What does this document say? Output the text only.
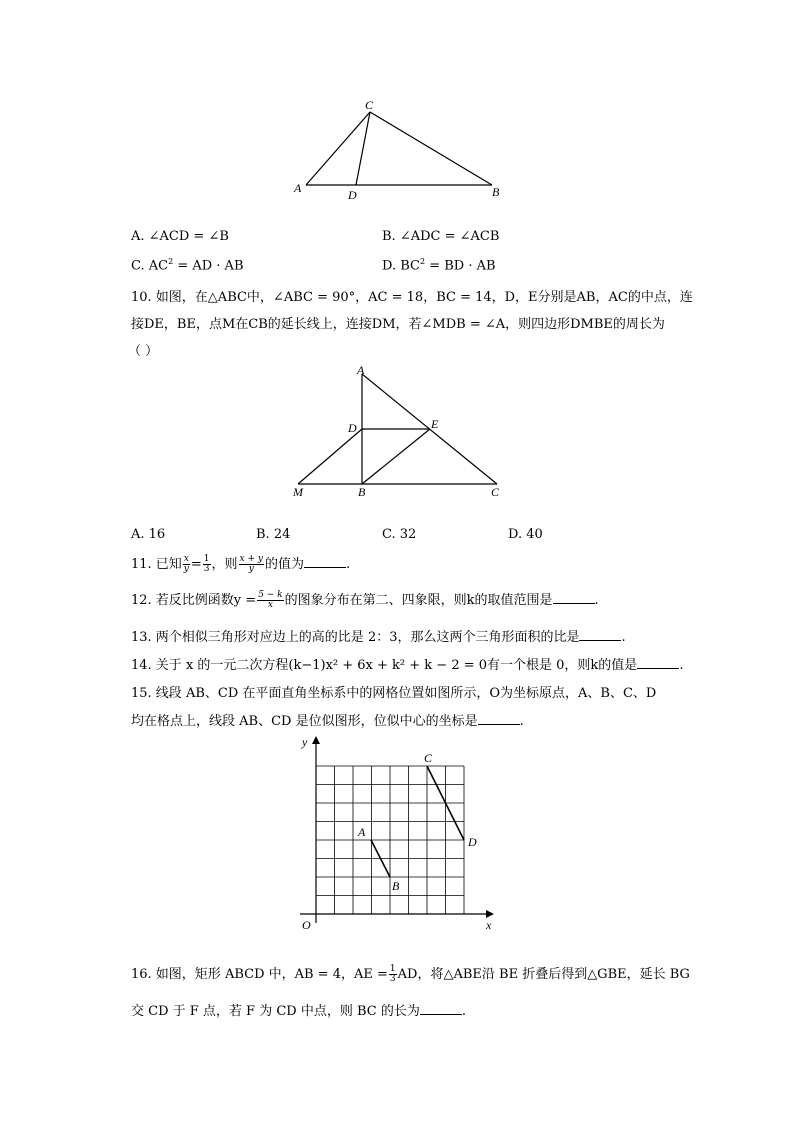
C
A	D	B
A. ∠ACD = ∠B	B. ∠ADC = ∠ACB
C. $AC^2$ = AD · AB	D. $BC^2$ = BD · AB
10. 如图，在△ABC中，∠ABC = 90°，AC = 18，BC = 14，D，E分别是AB，AC的中点，连
接DE，BE，点M在CB的延长线上，连接DM，若∠MDB = ∠A，则四边形DMBE的周长为
（ ）
A
D	E
M	B	C
A. 16	B. 24	C. 32	D. 40
11. 已知 $\frac{x}{y} = \frac{1}{3}$ ，则 $\frac{x + y}{y}$ 的值为	.
12. 若反比例函数$y = \frac{5 - k}{x}$ 的图象分布在第二、四象限，则k的取值范围是	.
13. 两个相似三角形对应边上的高的比是 2：3，那么这两个三角形面积的比是	.
14. 关于 x 的一元二次方程(k−1)x² + 6x + k² + k − 2 = 0有一个根是 0，则k的值是	.
15. 线段 AB、CD 在平面直角坐标系中的网格位置如图所示，O为坐标原点，A、B、C、D
均在格点上，线段 AB、CD 是位似图形，位似中心的坐标是	.
y
x
O
A
B
C
D
16. 如图，矩形 ABCD 中，AB = 4，AE = $\frac{1}{3}$ AD，将△ABE沿 BE 折叠后得到△GBE，延长 BG
交 CD 于 F 点，若 F 为 CD 中点，则 BC 的长为	.
